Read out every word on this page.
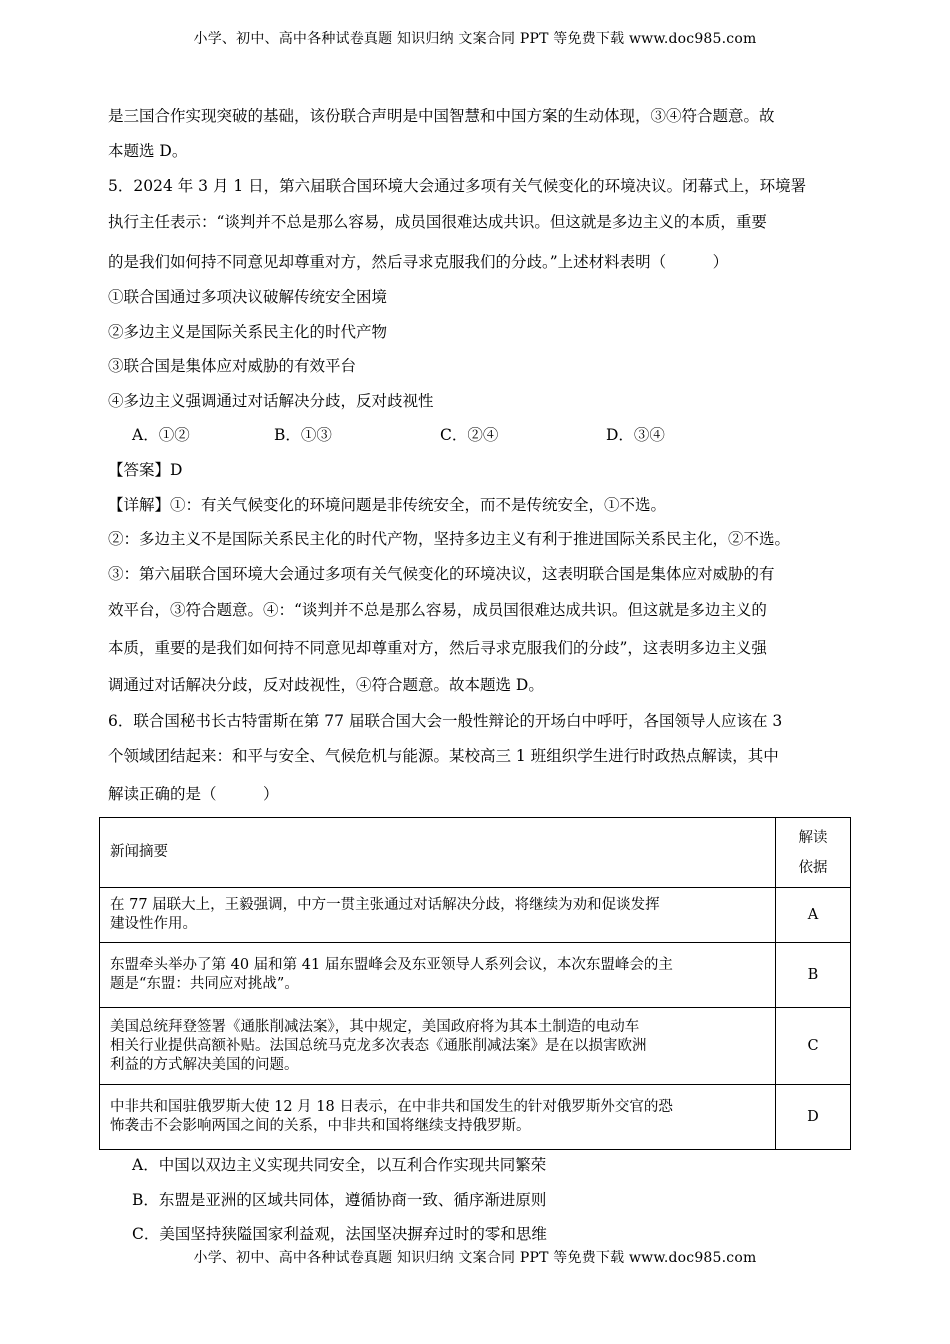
小学、初中、高中各种试卷真题 知识归纳 文案合同 PPT 等免费下载 www.doc985.com
是三国合作实现突破的基础，该份联合声明是中国智慧和中国方案的生动体现，③④符合题意。故
本题选 D。
5．2024 年 3 月 1 日，第六届联合国环境大会通过多项有关气候变化的环境决议。闭幕式上，环境署
执行主任表示：“谈判并不总是那么容易，成员国很难达成共识。但这就是多边主义的本质，重要
的是我们如何持不同意见却尊重对方，然后寻求克服我们的分歧。”上述材料表明（　　　）
①联合国通过多项决议破解传统安全困境
②多边主义是国际关系民主化的时代产物
③联合国是集体应对威胁的有效平台
④多边主义强调通过对话解决分歧，反对歧视性
A．①②	B．①③	C．②④	D．③④
【答案】D
【详解】①：有关气候变化的环境问题是非传统安全，而不是传统安全，①不选。
②：多边主义不是国际关系民主化的时代产物，坚持多边主义有利于推进国际关系民主化，②不选。
③：第六届联合国环境大会通过多项有关气候变化的环境决议，这表明联合国是集体应对威胁的有
效平台，③符合题意。④：“谈判并不总是那么容易，成员国很难达成共识。但这就是多边主义的
本质，重要的是我们如何持不同意见却尊重对方，然后寻求克服我们的分歧”，这表明多边主义强
调通过对话解决分歧，反对歧视性，④符合题意。故本题选 D。
6．联合国秘书长古特雷斯在第 77 届联合国大会一般性辩论的开场白中呼吁，各国领导人应该在 3
个领域团结起来：和平与安全、气候危机与能源。某校高三 1 班组织学生进行时政热点解读，其中
解读正确的是（　　　）
新闻摘要	解读
依据

在 77 届联大上，王毅强调，中方一贯主张通过对话解决分歧，将继续为劝和促谈发挥
建设性作用。	A

东盟牵头举办了第 40 届和第 41 届东盟峰会及东亚领导人系列会议，本次东盟峰会的主
题是“东盟：共同应对挑战”。	B

美国总统拜登签署《通胀削减法案》，其中规定，美国政府将为其本土制造的电动车
相关行业提供高额补贴。法国总统马克龙多次表态《通胀削减法案》是在以损害欧洲
利益的方式解决美国的问题。	C

中非共和国驻俄罗斯大使 12 月 18 日表示，在中非共和国发生的针对俄罗斯外交官的恐
怖袭击不会影响两国之间的关系，中非共和国将继续支持俄罗斯。	D
A．中国以双边主义实现共同安全，以互利合作实现共同繁荣
B．东盟是亚洲的区域共同体，遵循协商一致、循序渐进原则
C．美国坚持狭隘国家利益观，法国坚决摒弃过时的零和思维
小学、初中、高中各种试卷真题 知识归纳 文案合同 PPT 等免费下载 www.doc985.com
